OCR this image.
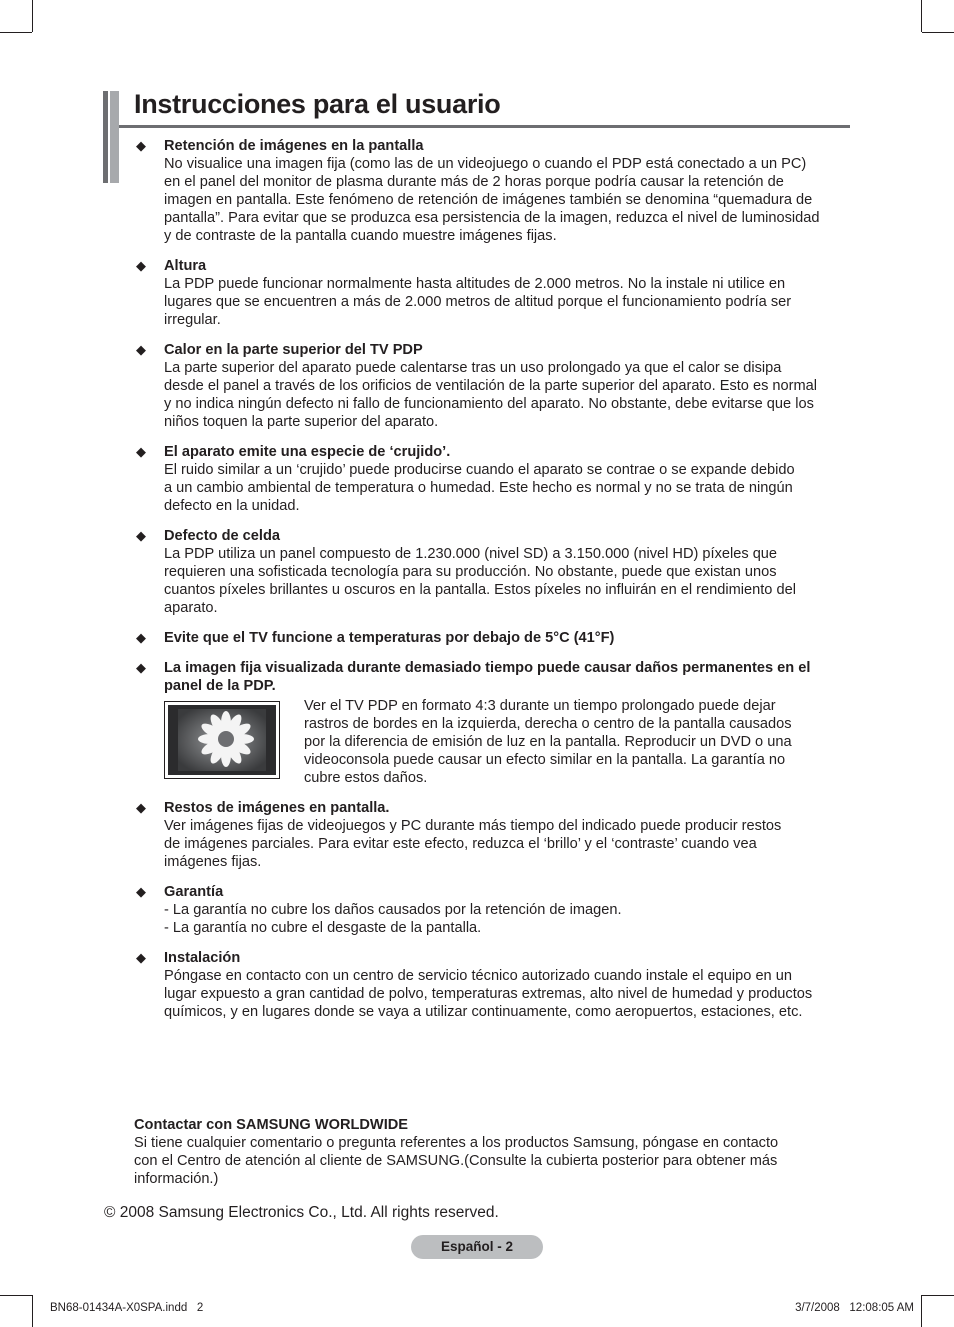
Instrucciones para el usuario
◆ Retención de imágenes en la pantalla
No visualice una imagen fija (como las de un videojuego o cuando el PDP está conectado a un PC)
en el panel del monitor de plasma durante más de 2 horas porque podría causar la retención de
imagen en pantalla. Este fenómeno de retención de imágenes también se denomina “quemadura de
pantalla”. Para evitar que se produzca esa persistencia de la imagen, reduzca el nivel de luminosidad
y de contraste de la pantalla cuando muestre imágenes fijas.
◆ Altura
La PDP puede funcionar normalmente hasta altitudes de 2.000 metros. No la instale ni utilice en
lugares que se encuentren a más de 2.000 metros de altitud porque el funcionamiento podría ser
irregular.
◆ Calor en la parte superior del TV PDP
La parte superior del aparato puede calentarse tras un uso prolongado ya que el calor se disipa
desde el panel a través de los orificios de ventilación de la parte superior del aparato. Esto es normal
y no indica ningún defecto ni fallo de funcionamiento del aparato. No obstante, debe evitarse que los
niños toquen la parte superior del aparato.
◆ El aparato emite una especie de ‘crujido’.
El ruido similar a un ‘crujido’ puede producirse cuando el aparato se contrae o se expande debido
a un cambio ambiental de temperatura o humedad. Este hecho es normal y no se trata de ningún
defecto en la unidad.
◆ Defecto de celda
La PDP utiliza un panel compuesto de 1.230.000 (nivel SD) a 3.150.000 (nivel HD) píxeles que
requieren una sofisticada tecnología para su producción. No obstante, puede que existan unos
cuantos píxeles brillantes u oscuros en la pantalla. Estos píxeles no influirán en el rendimiento del
aparato.
◆ Evite que el TV funcione a temperaturas por debajo de 5°C (41°F)
◆ La imagen fija visualizada durante demasiado tiempo puede causar daños permanentes en el
panel de la PDP.
Ver el TV PDP en formato 4:3 durante un tiempo prolongado puede dejar
rastros de bordes en la izquierda, derecha o centro de la pantalla causados
por la diferencia de emisión de luz en la pantalla. Reproducir un DVD o una
videoconsola puede causar un efecto similar en la pantalla. La garantía no
cubre estos daños.
◆ Restos de imágenes en pantalla.
Ver imágenes fijas de videojuegos y PC durante más tiempo del indicado puede producir restos
de imágenes parciales. Para evitar este efecto, reduzca el ‘brillo’ y el ‘contraste’ cuando vea
imágenes fijas.
◆ Garantía
- La garantía no cubre los daños causados por la retención de imagen.
- La garantía no cubre el desgaste de la pantalla.
◆ Instalación
Póngase en contacto con un centro de servicio técnico autorizado cuando instale el equipo en un
lugar expuesto a gran cantidad de polvo, temperaturas extremas, alto nivel de humedad y productos
químicos, y en lugares donde se vaya a utilizar continuamente, como aeropuertos, estaciones, etc.
Contactar con SAMSUNG WORLDWIDE
Si tiene cualquier comentario o pregunta referentes a los productos Samsung, póngase en contacto
con el Centro de atención al cliente de SAMSUNG.(Consulte la cubierta posterior para obtener más
información.)
© 2008 Samsung Electronics Co., Ltd. All rights reserved.
Español - 2
BN68-01434A-X0SPA.indd   2	3/7/2008   12:08:05 AM
